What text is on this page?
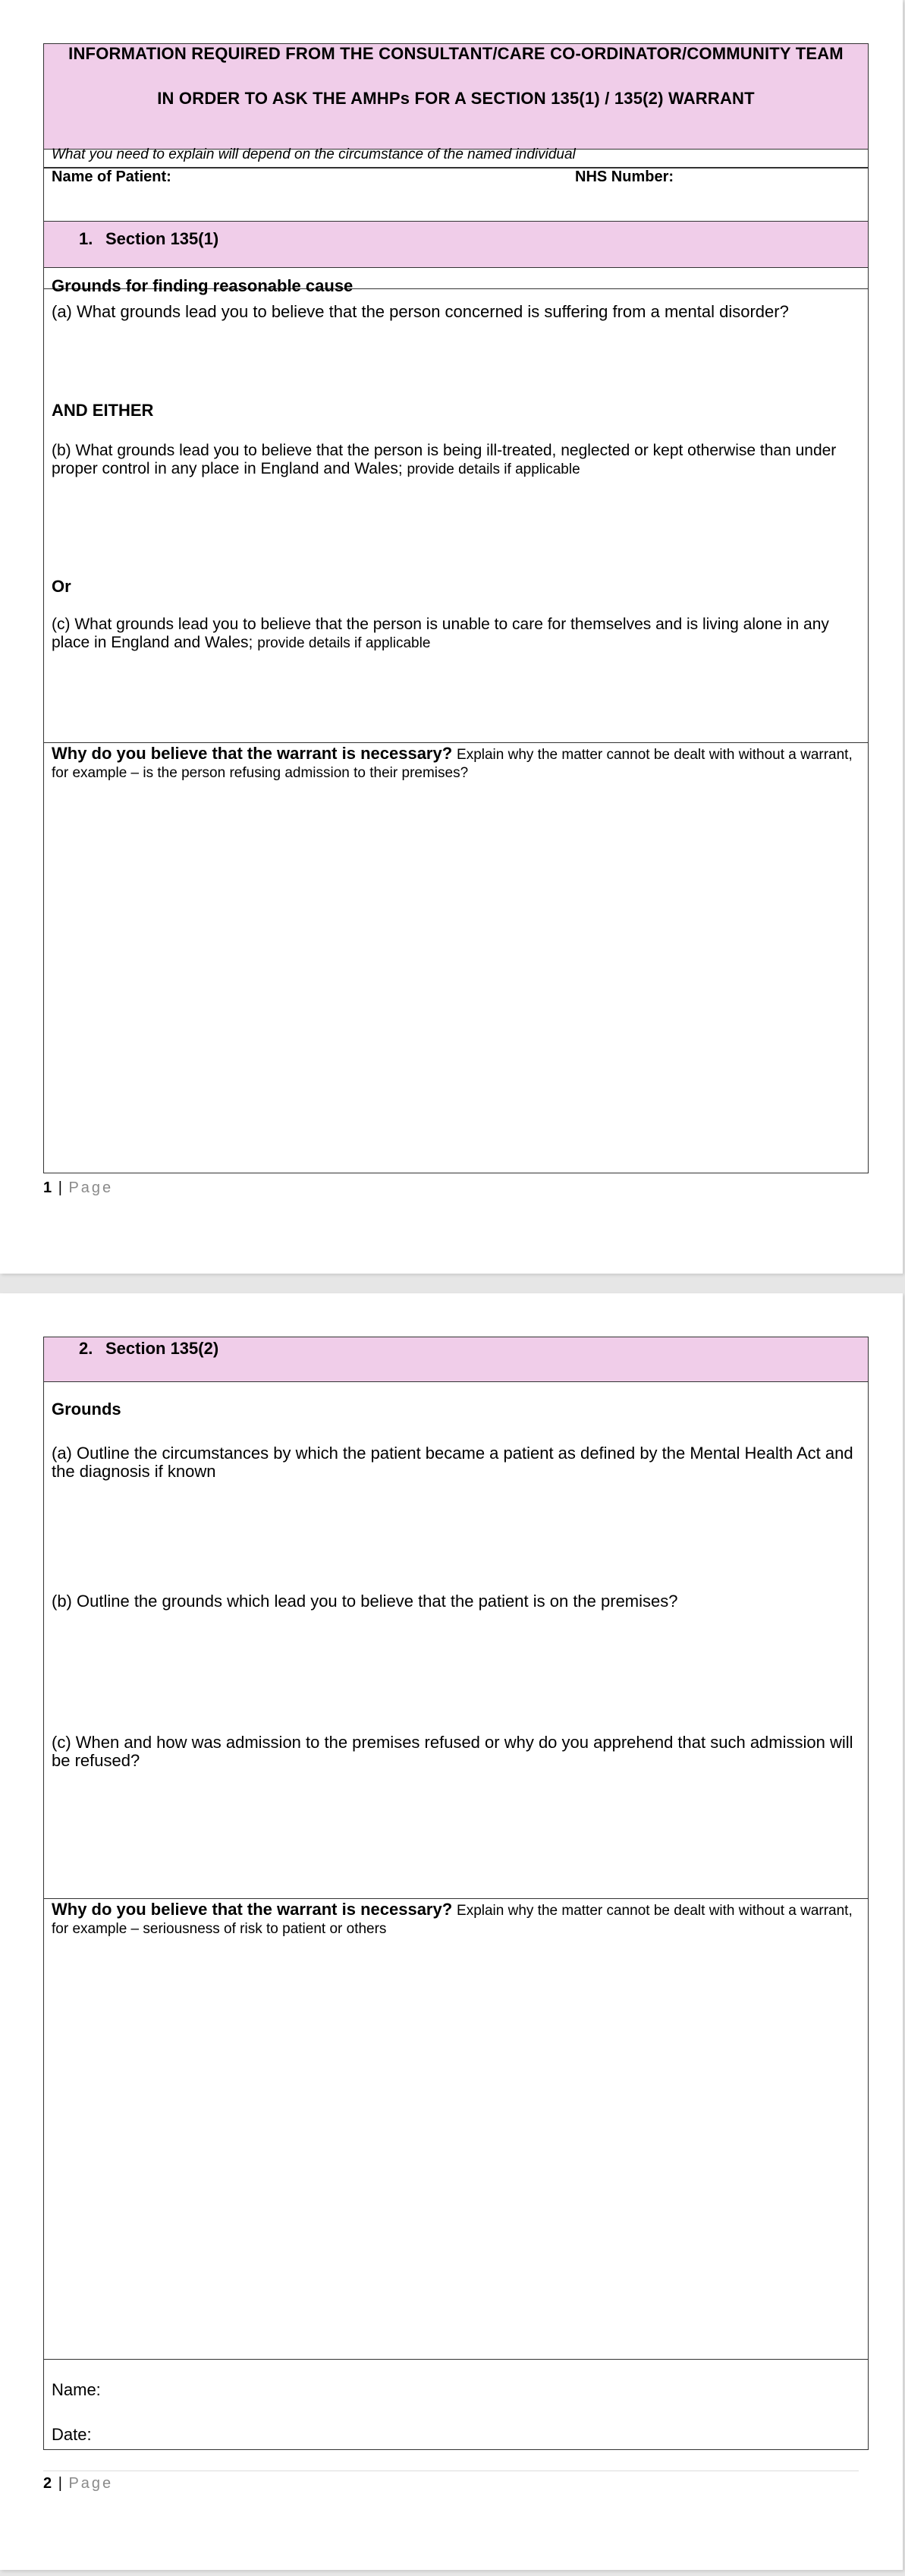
INFORMATION REQUIRED FROM THE CONSULTANT/CARE CO-ORDINATOR/COMMUNITY TEAM
IN ORDER TO ASK THE AMHPs FOR A SECTION 135(1) / 135(2) WARRANT
What you need to explain will depend on the circumstance of the named individual
Name of Patient:	NHS Number:
1. Section 135(1)
Grounds for finding reasonable cause
(a) What grounds lead you to believe that the person concerned is suffering from a mental disorder?
AND EITHER
(b) What grounds lead you to believe that the person is being ill-treated, neglected or kept otherwise than under proper control in any place in England and Wales; provide details if applicable
Or
(c) What grounds lead you to believe that the person is unable to care for themselves and is living alone in any place in England and Wales; provide details if applicable
Why do you believe that the warrant is necessary? Explain why the matter cannot be dealt with without a warrant, for example – is the person refusing admission to their premises?
1 | Page
2. Section 135(2)
Grounds
(a) Outline the circumstances by which the patient became a patient as defined by the Mental Health Act and the diagnosis if known
(b) Outline the grounds which lead you to believe that the patient is on the premises?
(c) When and how was admission to the premises refused or why do you apprehend that such admission will be refused?
Why do you believe that the warrant is necessary? Explain why the matter cannot be dealt with without a warrant, for example – seriousness of risk to patient or others
Name:
Date:
2 | Page
